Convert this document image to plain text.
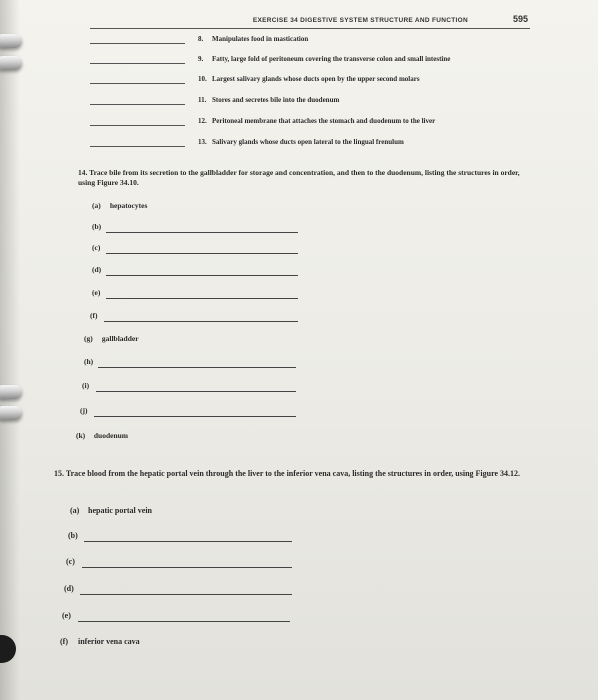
EXERCISE 34 DIGESTIVE SYSTEM STRUCTURE AND FUNCTION	595
8. Manipulates food in mastication
9. Fatty, large fold of peritoneum covering the transverse colon and small intestine
10. Largest salivary glands whose ducts open by the upper second molars
11. Stores and secretes bile into the duodenum
12. Peritoneal membrane that attaches the stomach and duodenum to the liver
13. Salivary glands whose ducts open lateral to the lingual frenulum
14. Trace bile from its secretion to the gallbladder for storage and concentration, and then to the duodenum, listing the structures in order, using Figure 34.10.
(a) hepatocytes
(b)
(c)
(d)
(e)
(f)
(g) gallbladder
(h)
(i)
(j)
(k) duodenum
15. Trace blood from the hepatic portal vein through the liver to the inferior vena cava, listing the structures in order, using Figure 34.12.
(a) hepatic portal vein
(b)
(c)
(d)
(e)
(f) inferior vena cava
